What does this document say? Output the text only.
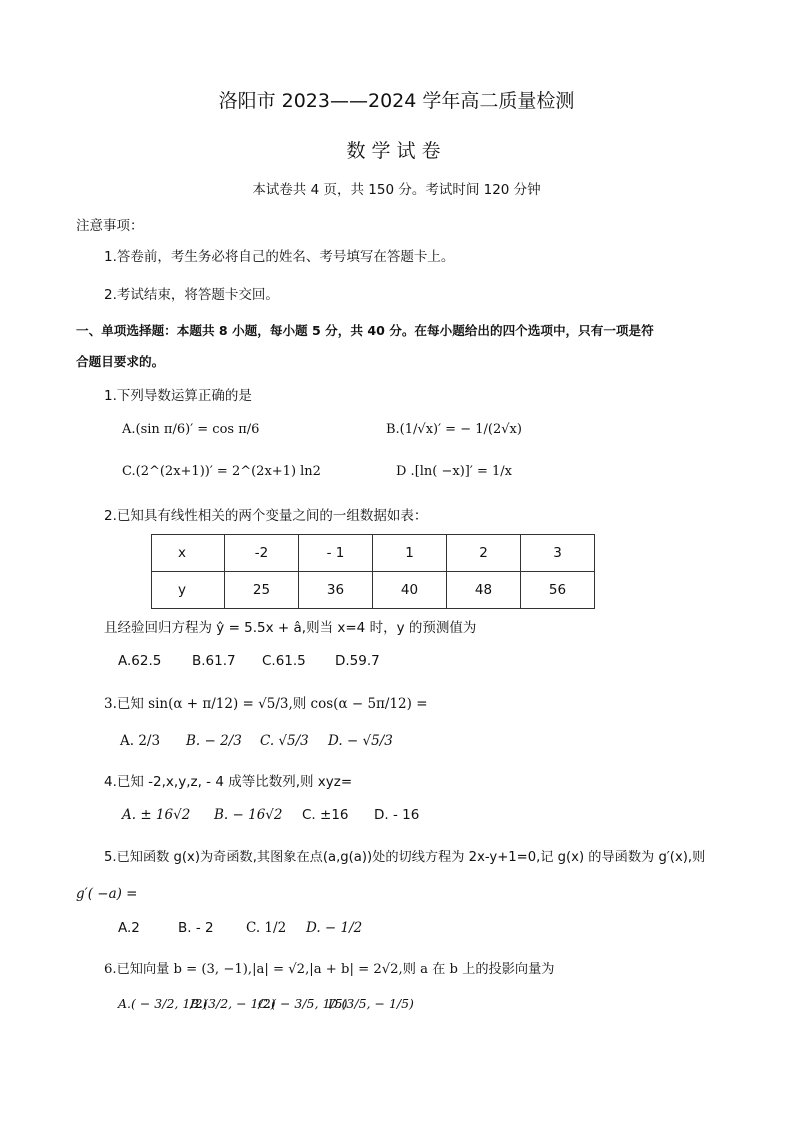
洛阳市 2023——2024 学年高二质量检测
数学试卷
本试卷共 4 页，共 150 分。考试时间 120 分钟
注意事项：
1.答卷前，考生务必将自己的姓名、考号填写在答题卡上。
2.考试结束，将答题卡交回。
一、单项选择题：本题共 8 小题，每小题 5 分，共 40 分。在每小题给出的四个选项中，只有一项是符
合题目要求的。
1.下列导数运算正确的是
A.(sin π/6)′ = cos π/6	B.(1/√x)′ = − 1/(2√x)
C.(2^(2x+1))′ = 2^(2x+1) ln2	D .[ln( −x)]′ = 1/x
2.已知具有线性相关的两个变量之间的一组数据如表：
x	-2	- 1	1	2	3
y	25	36	40	48	56
且经验回归方程为 ŷ = 5.5x + â,则当 x=4 时，y 的预测值为
A.62.5 B.61.7 C.61.5 D.59.7
3.已知 sin(α + π/12) = √5/3,则 cos(α − 5π/12) =
A. 2/3 B. − 2/3 C. √5/3 D. − √5/3
4.已知 -2,x,y,z, - 4 成等比数列,则 xyz=
A. ± 16√2 B. − 16√2 C. ±16 D. - 16
5.已知函数 g(x)为奇函数,其图象在点(a,g(a))处的切线方程为 2x-y+1=0,记 g(x) 的导函数为 g′(x),则
g′( −a) =
A.2	B. - 2 C. 1/2 D. − 1/2
6.已知向量 b = (3, −1),|a| = √2,|a + b| = 2√2,则 a 在 b 上的投影向量为
A.( − 3/2, 1/2)
B.(3/2, − 1/2)
C.( − 3/5, 1/5)
D.(3/5, − 1/5)
